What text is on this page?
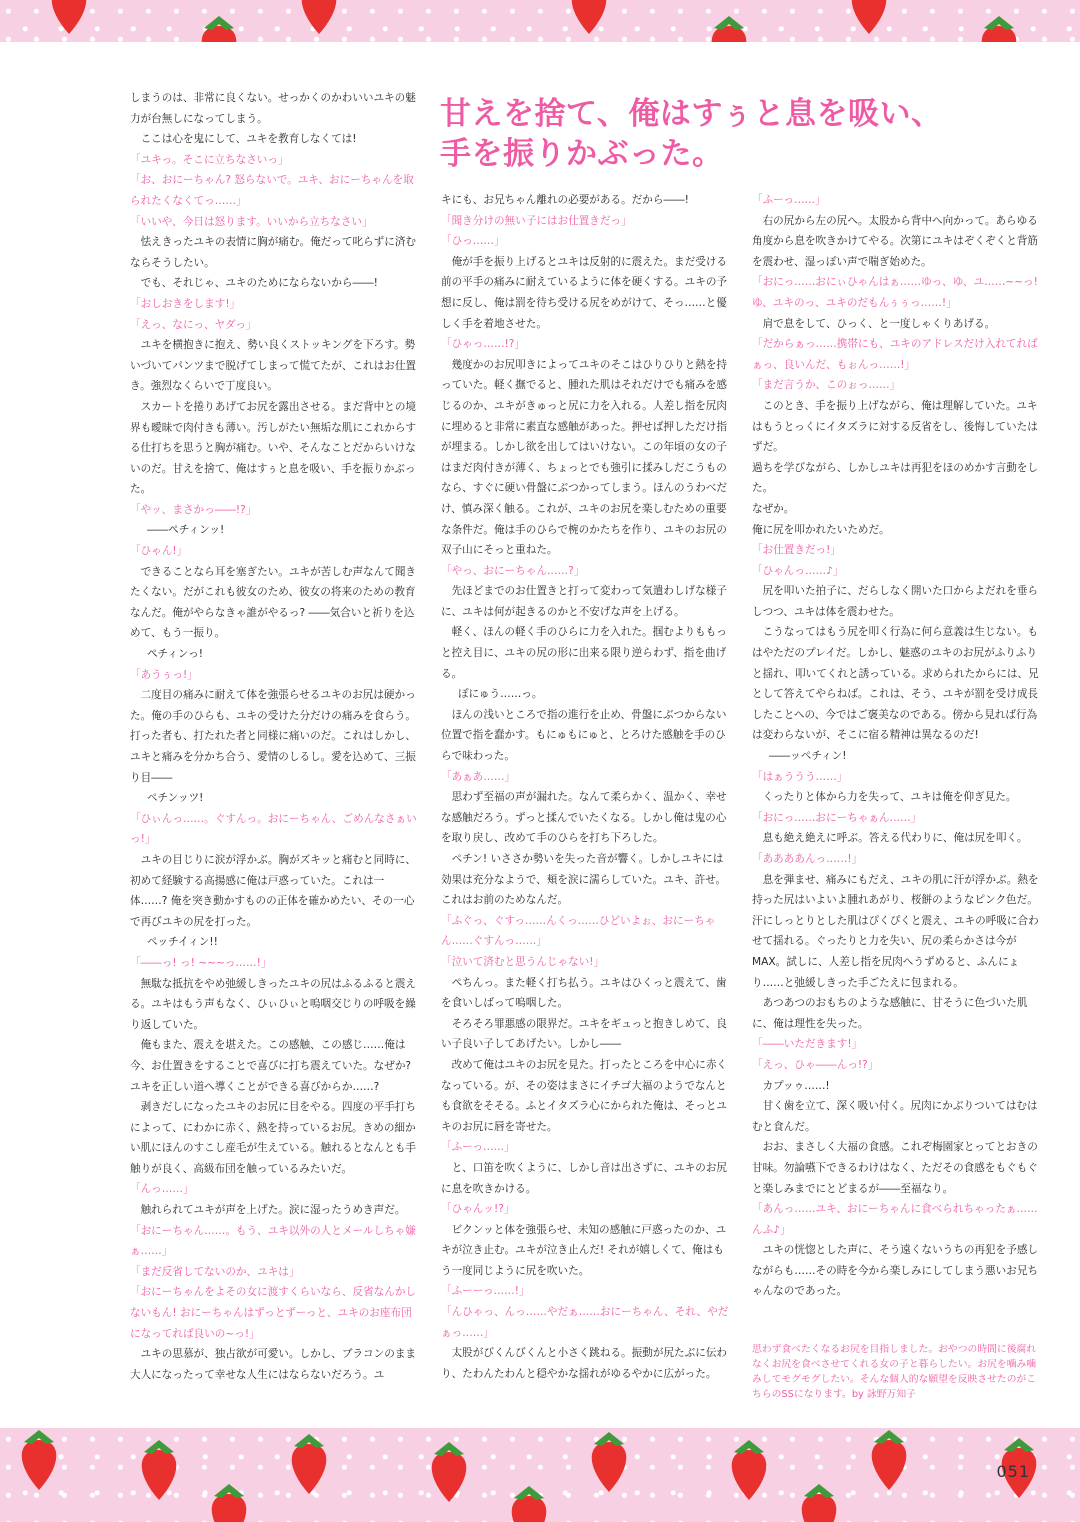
甘えを捨て、俺はすぅと息を吸い、
手を振りかぶった。

しまうのは、非常に良くない。せっかくのかわいいユキの魅力が台無しになってしまう。

ここは心を鬼にして、ユキを教育しなくては!

「ユキっ。そこに立ちなさいっ」

「お、おにーちゃん? 怒らないで。ユキ、おにーちゃんを取られたくなくてっ……」

「いいや、今日は怒ります。いいから立ちなさい」

怯えきったユキの表情に胸が痛む。俺だって叱らずに済むならそうしたい。

でも、それじゃ、ユキのためにならないから――!

「おしおきをします!」

「えっ、なにっ、ヤダっ」

ユキを横抱きに抱え、勢い良くストッキングを下ろす。勢いづいてパンツまで脱げてしまって慌てたが、これはお仕置き。強烈なくらいで丁度良い。

スカートを捲りあげてお尻を露出させる。まだ背中との境界も曖昧で肉付きも薄い。汚しがたい無垢な肌にこれからする仕打ちを思うと胸が痛む。いや、そんなことだからいけないのだ。甘えを捨て、俺はすぅと息を吸い、手を振りかぶった。

「やッ、まさかっ――!?」

――ぺチィンッ!

「ひゃん!」

できることなら耳を塞ぎたい。ユキが苦しむ声なんて聞きたくない。だがこれも彼女のため、彼女の将来のための教育なんだ。俺がやらなきゃ誰がやるっ? ――気合いと祈りを込めて、もう一振り。

ぺチィンっ!

「あうぅっ!」

二度目の痛みに耐えて体を強張らせるユキのお尻は硬かった。俺の手のひらも、ユキの受けた分だけの痛みを食らう。打った者も、打たれた者と同様に痛いのだ。これはしかし、ユキと痛みを分かち合う、愛情のしるし。愛を込めて、三振り目――

ペチンッツ!

「ひぃんっ……。ぐすんっ。おにーちゃん、ごめんなさぁいっ!」

ユキの目じりに涙が浮かぶ。胸がズキッと痛むと同時に、初めて経験する高揚感に俺は戸惑っていた。これは一体……? 俺を突き動かすものの正体を確かめたい、その一心で再びユキの尻を打った。

ペッチイィン!!

「――っ! っ! ~~~っ……!」

無駄な抵抗をやめ弛緩しきったユキの尻はふるふると震える。ユキはもう声もなく、ひぃひぃと嗚咽交じりの呼吸を繰り返していた。

俺もまた、震えを堪えた。この感触、この感じ……俺は今、お仕置きをすることで喜びに打ち震えていた。なぜか? ユキを正しい道へ導くことができる喜びからか……?

剥きだしになったユキのお尻に目をやる。四度の平手打ちによって、にわかに赤く、熱を持っているお尻。きめの細かい肌にほんのすこし産毛が生えている。触れるとなんとも手触りが良く、高級布団を触っているみたいだ。

「んっ……」

触れられてユキが声を上げた。涙に湿ったうめき声だ。

「おにーちゃん……。もう、ユキ以外の人とメールしちゃ嫌ぁ……」

「まだ反省してないのか、ユキは」

「おにーちゃんをよその女に渡すくらいなら、反省なんかしないもん! おにーちゃんはずっとずーっと、ユキのお座布団になってれば良いの~っ!」

ユキの思慕が、独占欲が可愛い。しかし、ブラコンのまま大人になったって幸せな人生にはならないだろう。ユ

キにも、お兄ちゃん離れの必要がある。だから――!

「聞き分けの無い子にはお仕置きだっ」

「ひっ……」

俺が手を振り上げるとユキは反射的に震えた。まだ受ける前の平手の痛みに耐えているように体を硬くする。ユキの予想に反し、俺は罰を待ち受ける尻をめがけて、そっ……と優しく手を着地させた。

「ひゃっ……!?」

幾度かのお尻叩きによってユキのそこはひりひりと熱を持っていた。軽く撫でると、腫れた肌はそれだけでも痛みを感じるのか、ユキがきゅっと尻に力を入れる。人差し指を尻肉に埋めると非常に素直な感触があった。押せば押しただけ指が埋まる。しかし欲を出してはいけない。この年頃の女の子はまだ肉付きが薄く、ちょっとでも強引に揉みしだこうものなら、すぐに硬い骨盤にぶつかってしまう。ほんのうわべだけ、慎み深く触る。これが、ユキのお尻を楽しむための重要な条件だ。俺は手のひらで椀のかたちを作り、ユキのお尻の双子山にそっと重ねた。

「やっ、おにーちゃん……?」

先ほどまでのお仕置きと打って変わって気遣わしげな様子に、ユキは何が起きるのかと不安げな声を上げる。

軽く、ほんの軽く手のひらに力を入れた。掴むよりももっと控え目に、ユキの尻の形に出来る限り逆らわず、指を曲げる。

ぽにゅう……っ。

ほんの浅いところで指の進行を止め、骨盤にぶつからない位置で指を蠢かす。もにゅもにゅと、とろけた感触を手のひらで味わった。

「あぁあ……」

思わず至福の声が漏れた。なんて柔らかく、温かく、幸せな感触だろう。ずっと揉んでいたくなる。しかし俺は鬼の心を取り戻し、改めて手のひらを打ち下ろした。

ペチン! いささか勢いを失った音が響く。しかしユキには効果は充分なようで、頬を涙に濡らしていた。ユキ、許せ。これはお前のためなんだ。

「ふぐっ、ぐすっ……んくっ……ひどいよぉ、おにーちゃん……ぐすんっ……」

「泣いて済むと思うんじゃない!」

ぺちんっ。また軽く打ち払う。ユキはひくっと震えて、歯を食いしばって嗚咽した。

そろそろ罪悪感の限界だ。ユキをギュっと抱きしめて、良い子良い子してあげたい。しかし――

改めて俺はユキのお尻を見た。打ったところを中心に赤くなっている。が、その姿はまさにイチゴ大福のようでなんとも食欲をそそる。ふとイタズラ心にかられた俺は、そっとユキのお尻に唇を寄せた。

「ふーっ……」

と、口笛を吹くように、しかし音は出さずに、ユキのお尻に息を吹きかける。

「ひゃんッ!?」

ビクンッと体を強張らせ、未知の感触に戸惑ったのか、ユキが泣き止む。ユキが泣き止んだ! それが嬉しくて、俺はもう一度同じように尻を吹いた。

「ふーーっ……!」

「んひゃっ、んっ……やだぁ……おにーちゃん、それ、やだぁっ……」

太股がびくんびくんと小さく跳ねる。振動が尻たぶに伝わり、たわんたわんと穏やかな揺れがゆるやかに広がった。

「ふーっ……」

右の尻から左の尻へ。太股から背中へ向かって。あらゆる角度から息を吹きかけてやる。次第にユキはぞくぞくと背筋を震わせ、湿っぽい声で喘ぎ始めた。

「おにっ……おにぃひゃんはぁ……ゆっ、ゆ、ユ……~~っ! ゆ、ユキのっ、ユキのだもんぅぅっ……!」

肩で息をして、ひっく、と一度しゃくりあげる。

「だからぁっ……携帯にも、ユキのアドレスだけ入れてればぁっ、良いんだ、もぉんっ……!」

「まだ言うか、このぉっ……」

このとき、手を振り上げながら、俺は理解していた。ユキはもうとっくにイタズラに対する反省をし、後悔していたはずだ。

過ちを学びながら、しかしユキは再犯をほのめかす言動をした。

なぜか。

俺に尻を叩かれたいためだ。

「お仕置きだっ!」

「ひゃんっ……♪」

尻を叩いた拍子に、だらしなく開いた口からよだれを垂らしつつ、ユキは体を震わせた。

こうなってはもう尻を叩く行為に何ら意義は生じない。もはやただのプレイだ。しかし、魅惑のユキのお尻がふりふりと揺れ、叩いてくれと誘っている。求められたからには、兄として答えてやらねば。これは、そう、ユキが罰を受け成長したことへの、今ではご褒美なのである。傍から見れば行為は変わらないが、そこに宿る精神は異なるのだ!

――ッペチィン!

「はぁううう……」

くったりと体から力を失って、ユキは俺を仰ぎ見た。

「おにっ……おにーちゃぁん……」

息も絶え絶えに呼ぶ。答える代わりに、俺は尻を叩く。

「ああああんっ……!」

息を弾ませ、痛みにもだえ、ユキの肌に汗が浮かぶ。熱を持った尻はいよいよ腫れあがり、桜餅のようなピンク色だ。汗にしっとりとした肌はぴくぴくと震え、ユキの呼吸に合わせて揺れる。ぐったりと力を失い、尻の柔らかさは今がMAX。試しに、人差し指を尻肉へうずめると、ふんにょり……と弛緩しきった手ごたえに包まれる。

あつあつのおもちのような感触に、甘そうに色づいた肌に、俺は理性を失った。

「――いただきます!」

「えっ、ひゃ――んっ!?」

カプッゥ……!

甘く歯を立て、深く吸い付く。尻肉にかぶりついてはむはむと食んだ。

おお、まさしく大福の食感。これぞ梅園家とってとおきの甘味。勿論嚥下できるわけはなく、ただその食感をもぐもぐと楽しみまでにとどまるが――至福なり。

「あんっ……ユキ、おにーちゃんに食べられちゃったぁ……んふ♪」

ユキの恍惚とした声に、そう遠くないうちの再犯を予感しながらも……その時を今から楽しみにしてしまう悪いお兄ちゃんなのであった。

思わず食べたくなるお尻を目指しました。おやつの時間に後腐れなくお尻を食べさせてくれる女の子と暮らしたい。お尻を噛み噛みしてモグモグしたい。そんな個人的な願望を反映させたのがこちらのSSになります。by 詠野万知子

051
